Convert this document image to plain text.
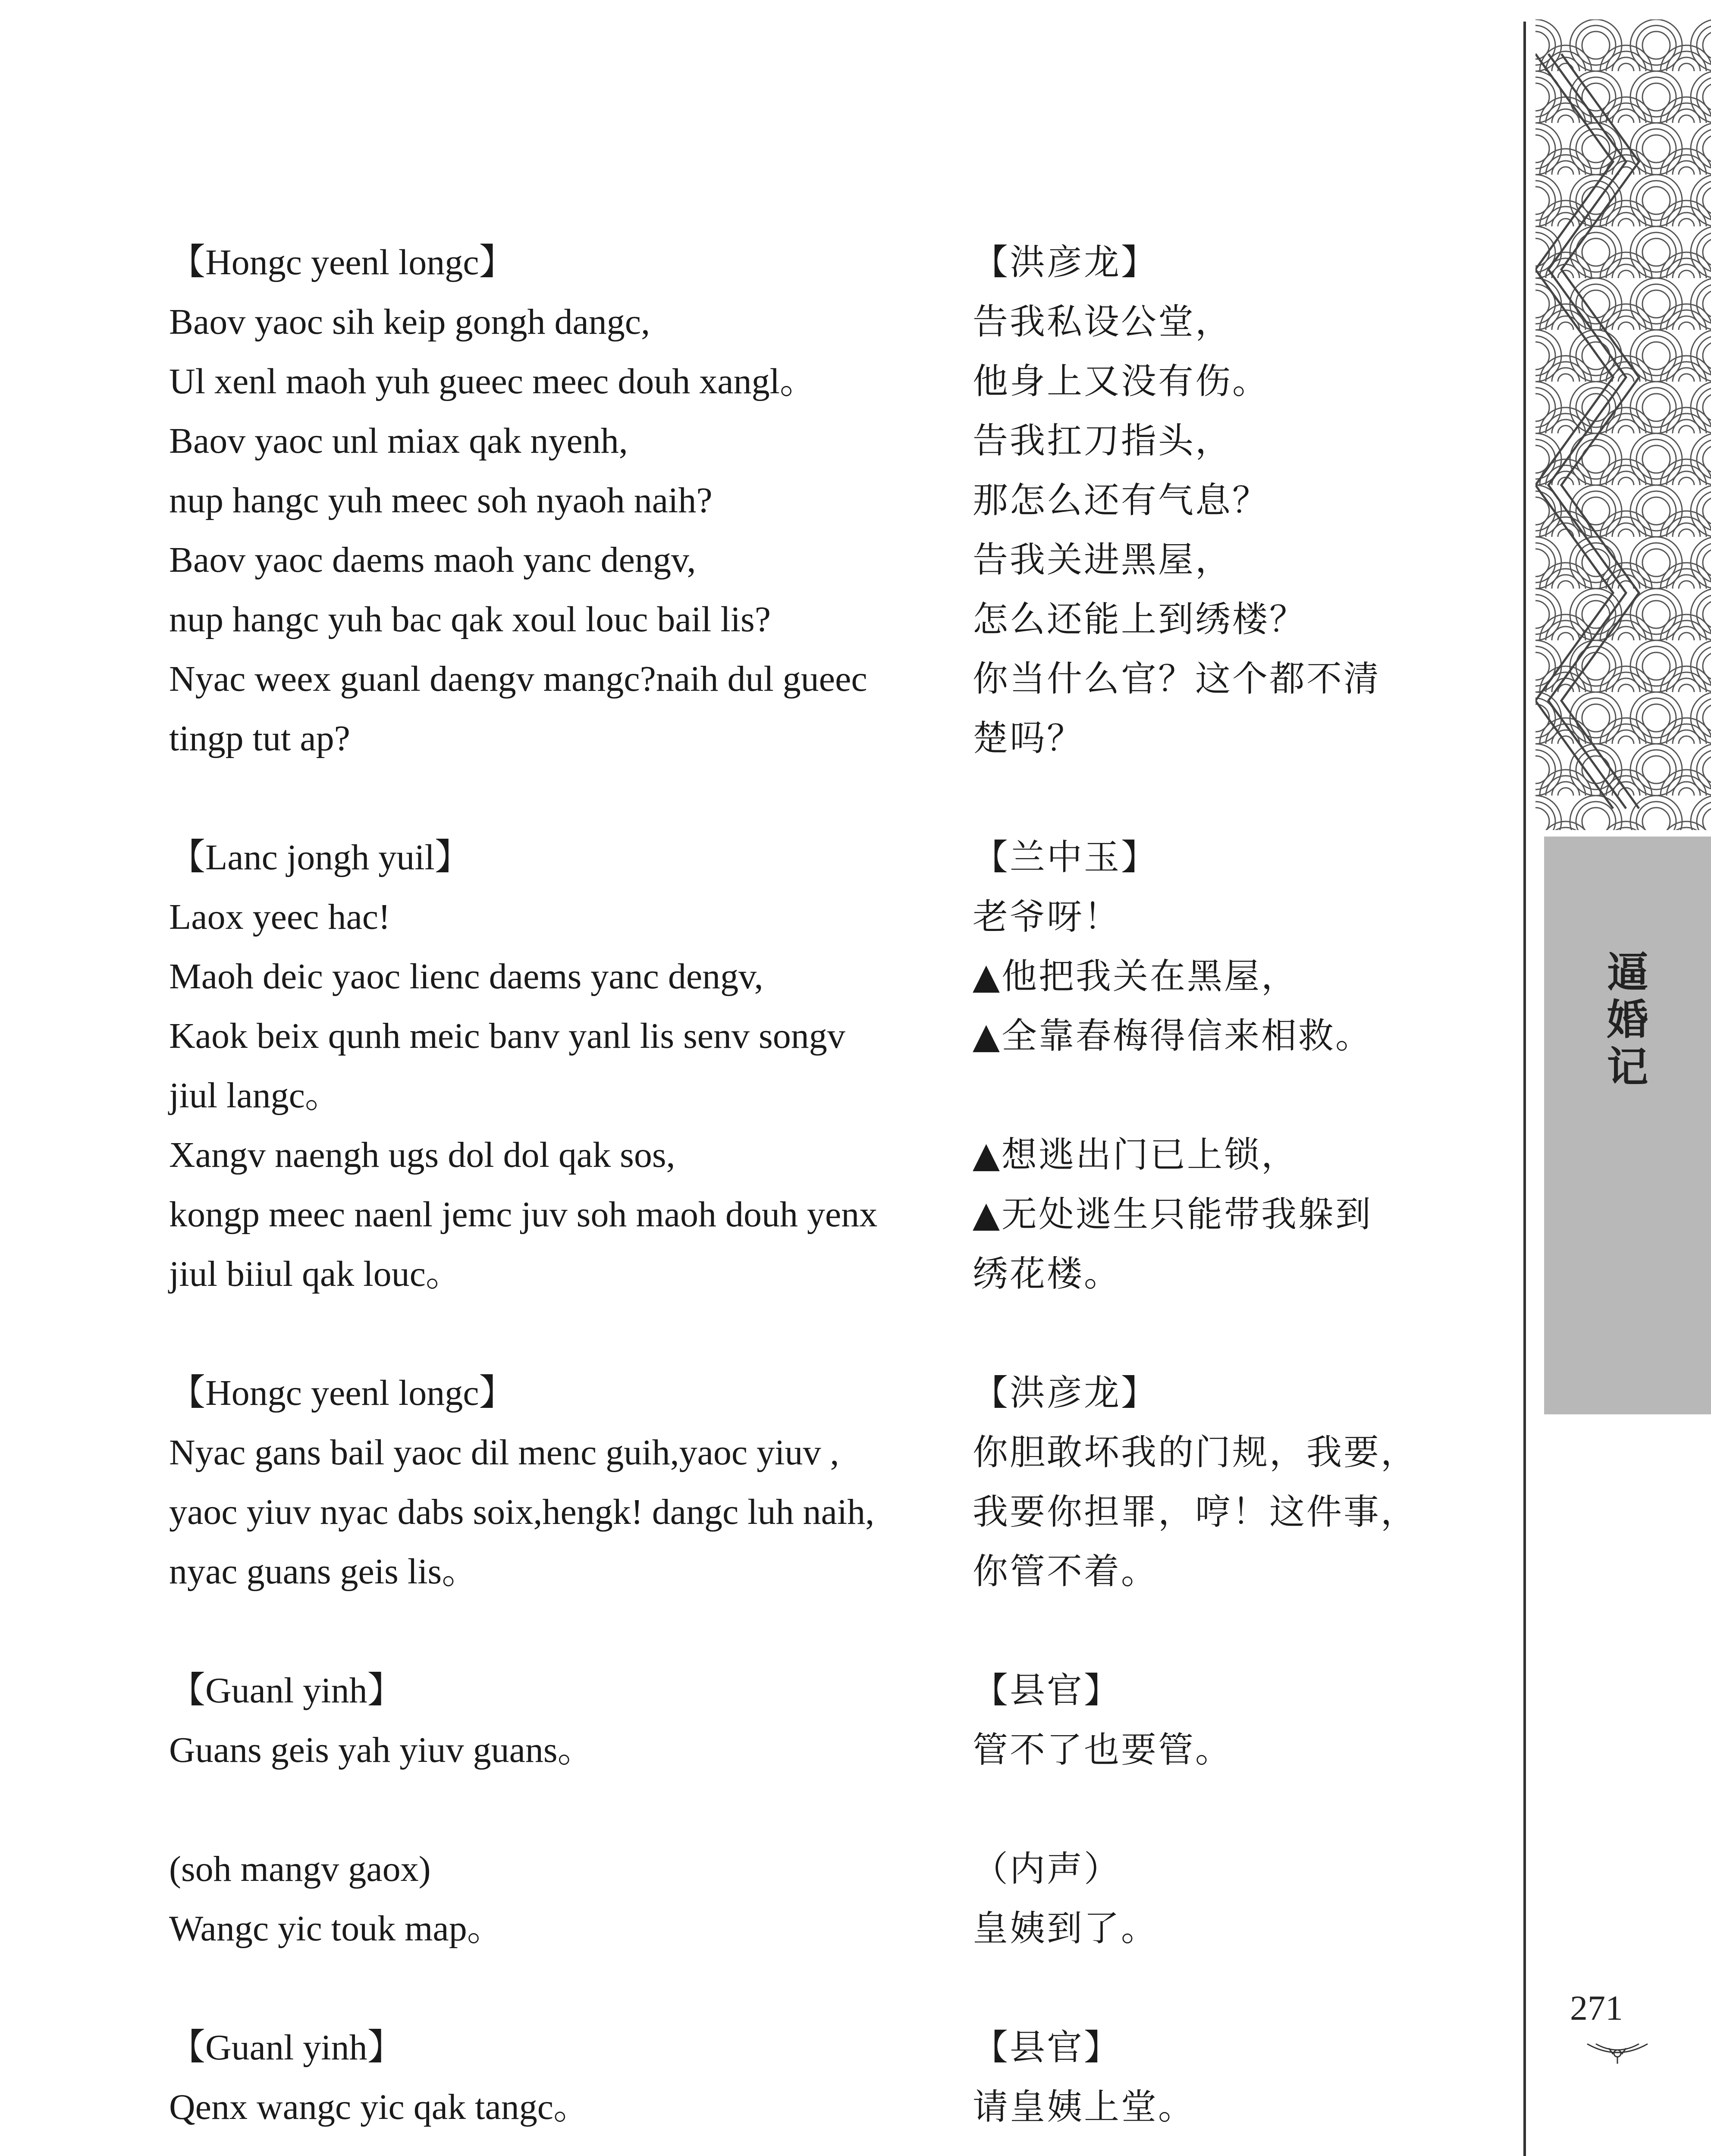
【Hongc yeenl longc】
Baov yaoc sih keip gongh dangc,
Ul xenl maoh yuh gueec meec douh xangl。
Baov yaoc unl miax qak nyenh,
nup hangc yuh meec soh nyaoh naih?
Baov yaoc daems maoh yanc dengv,
nup hangc yuh bac qak xoul louc bail lis?
Nyac weex guanl daengv mangc?naih dul gueec
tingp tut ap?
【Lanc jongh yuil】
Laox yeec hac!
Maoh deic yaoc lienc daems yanc dengv,
Kaok beix qunh meic banv yanl lis senv songv
jiul langc。
Xangv naengh ugs dol dol qak sos,
kongp meec naenl jemc juv soh maoh douh yenx
jiul biiul qak louc。
【Hongc yeenl longc】
Nyac gans bail yaoc dil menc guih,yaoc yiuv ,
yaoc yiuv nyac dabs soix,hengk! dangc luh naih,
nyac guans geis lis。
【Guanl yinh】
Guans geis yah yiuv guans。
(soh mangv gaox)
Wangc yic touk map。
【Guanl yinh】
Qenx wangc yic qak tangc。
【洪彦龙】
告我私设公堂，
他身上又没有伤。
告我扛刀指头，
那怎么还有气息？
告我关进黑屋，
怎么还能上到绣楼？
你当什么官？这个都不清
楚吗？
【兰中玉】
老爷呀！
▲他把我关在黑屋，
▲全靠春梅得信来相救。

▲想逃出门已上锁，
▲无处逃生只能带我躲到
绣花楼。
【洪彦龙】
你胆敢坏我的门规，我要，
我要你担罪，哼！这件事，
你管不着。
【县官】
管不了也要管。
（内声）
皇姨到了。
【县官】
请皇姨上堂。
逼
婚
记
271
